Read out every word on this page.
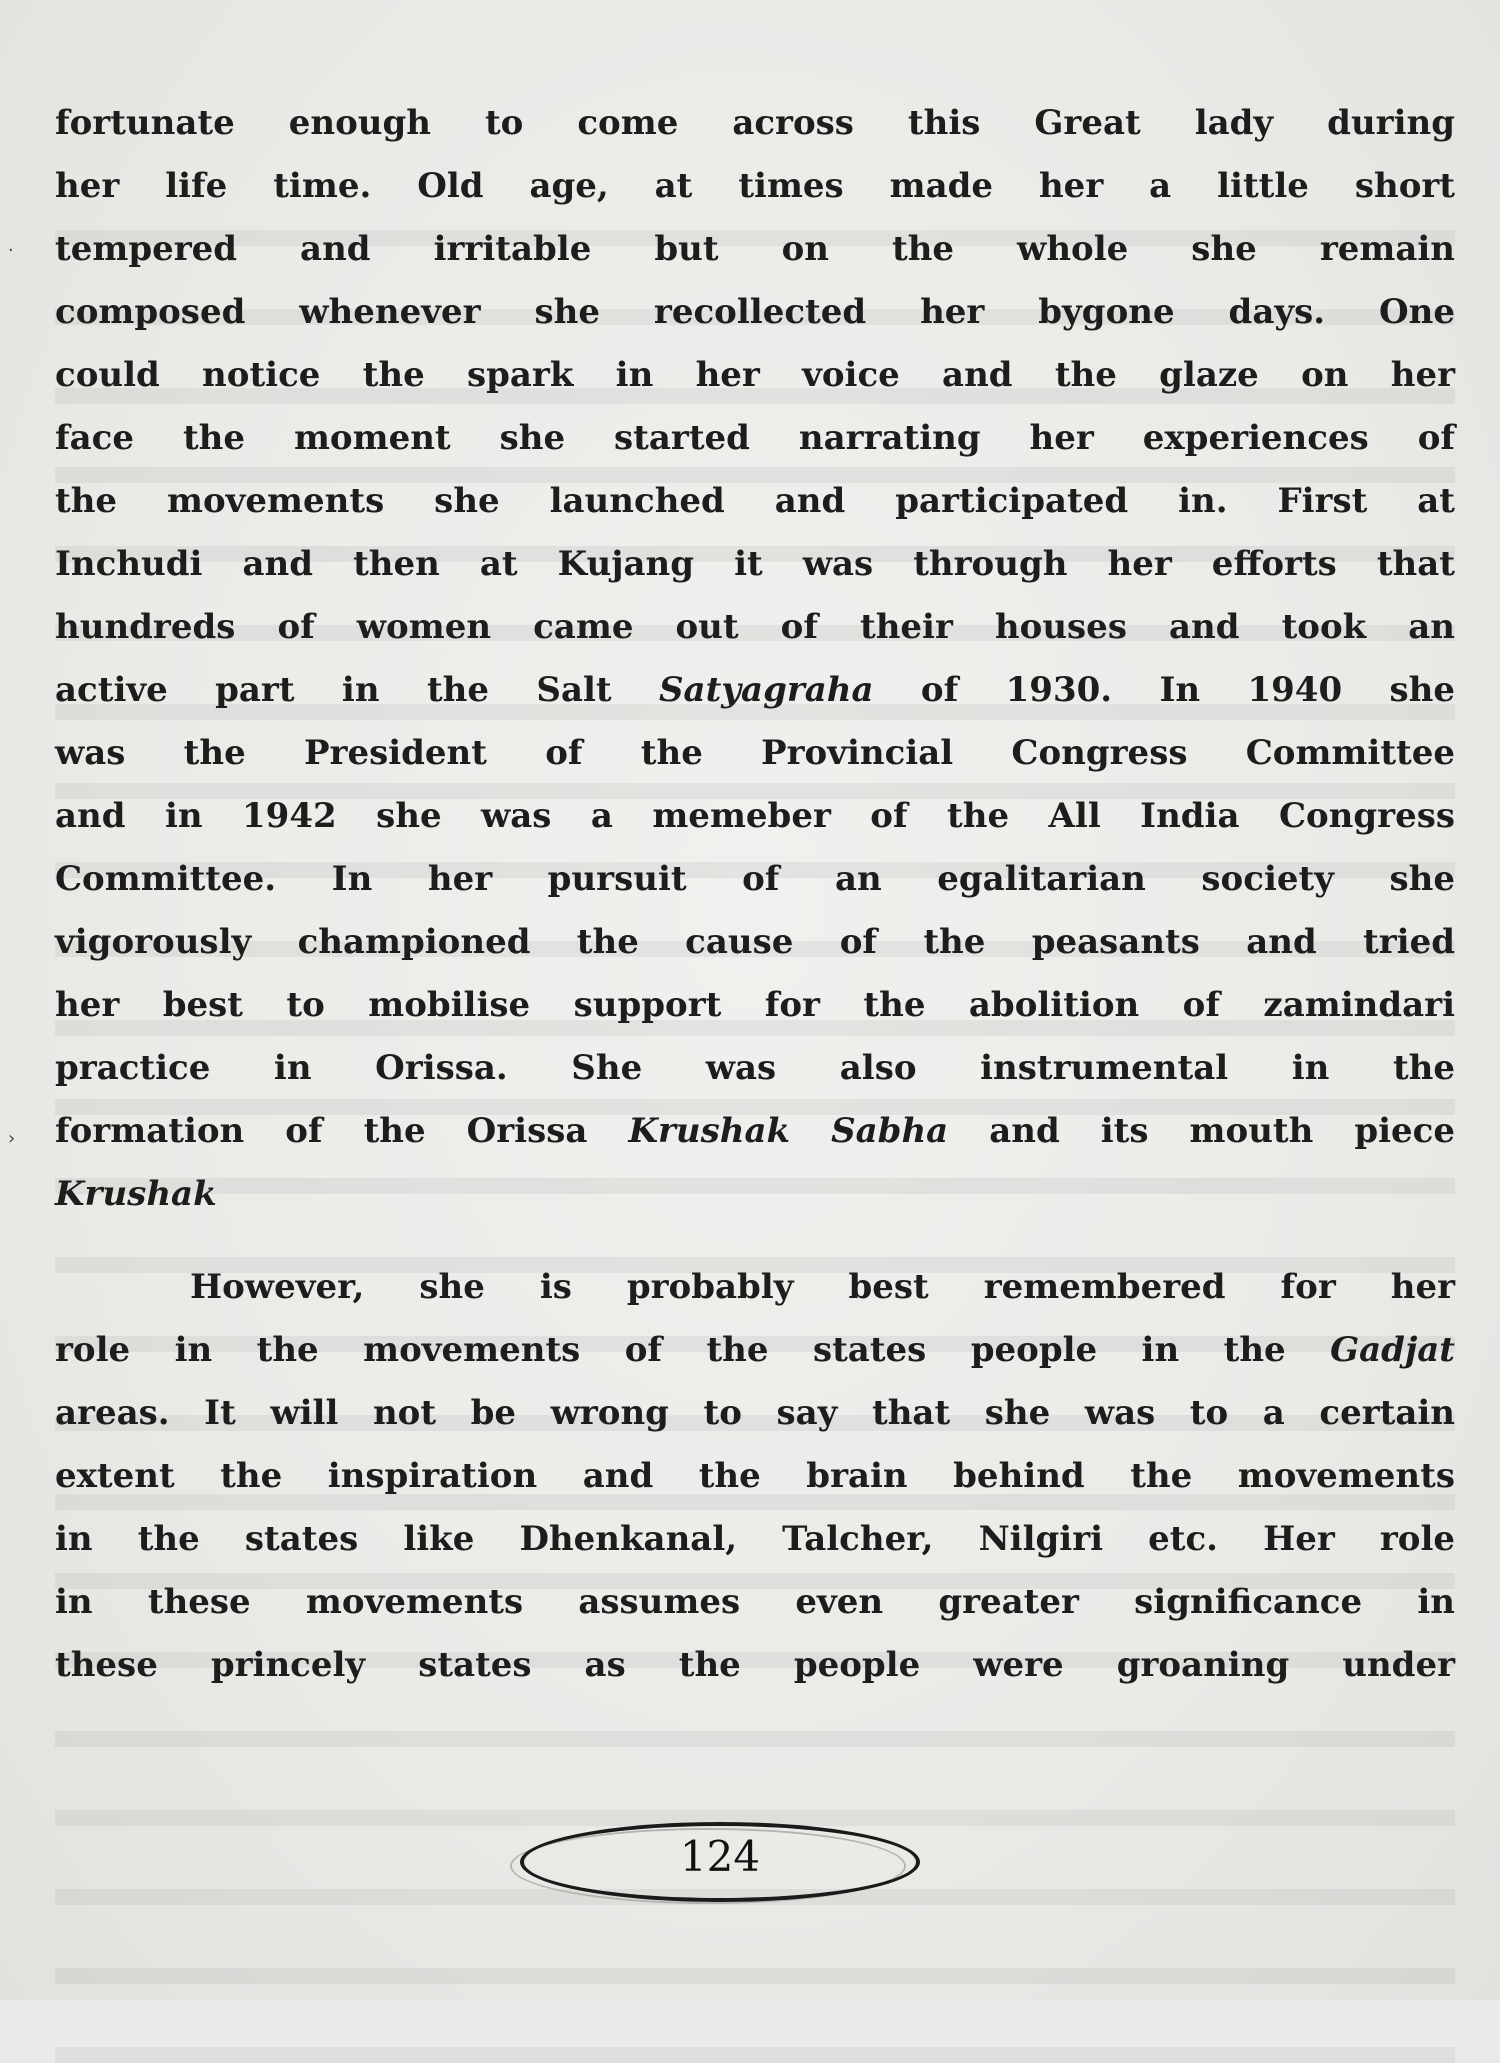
fortunate enough to come across this Great lady during
her life time. Old age, at times made her a little short
tempered and irritable but on the whole she remain
composed whenever she recollected her bygone days. One
could notice the spark in her voice and the glaze on her
face the moment she started narrating her experiences of
the movements she launched and participated in. First at
Inchudi and then at Kujang it was through her efforts that
hundreds of women came out of their houses and took an
active part in the Salt Satyagraha of 1930. In 1940 she
was the President of the Provincial Congress Committee
and in 1942 she was a memeber of the All India Congress
Committee. In her pursuit of an egalitarian society she
vigorously championed the cause of the peasants and tried
her best to mobilise support for the abolition of zamindari
practice in Orissa. She was also instrumental in the
formation of the Orissa Krushak Sabha and its mouth piece
Krushak
However, she is probably best remembered for her
role in the movements of the states people in the Gadjat
areas. It will not be wrong to say that she was to a certain
extent the inspiration and the brain behind the movements
in the states like Dhenkanal, Talcher, Nilgiri etc. Her role
in these movements assumes even greater significance in
these princely states as the people were groaning under
·
›
124
